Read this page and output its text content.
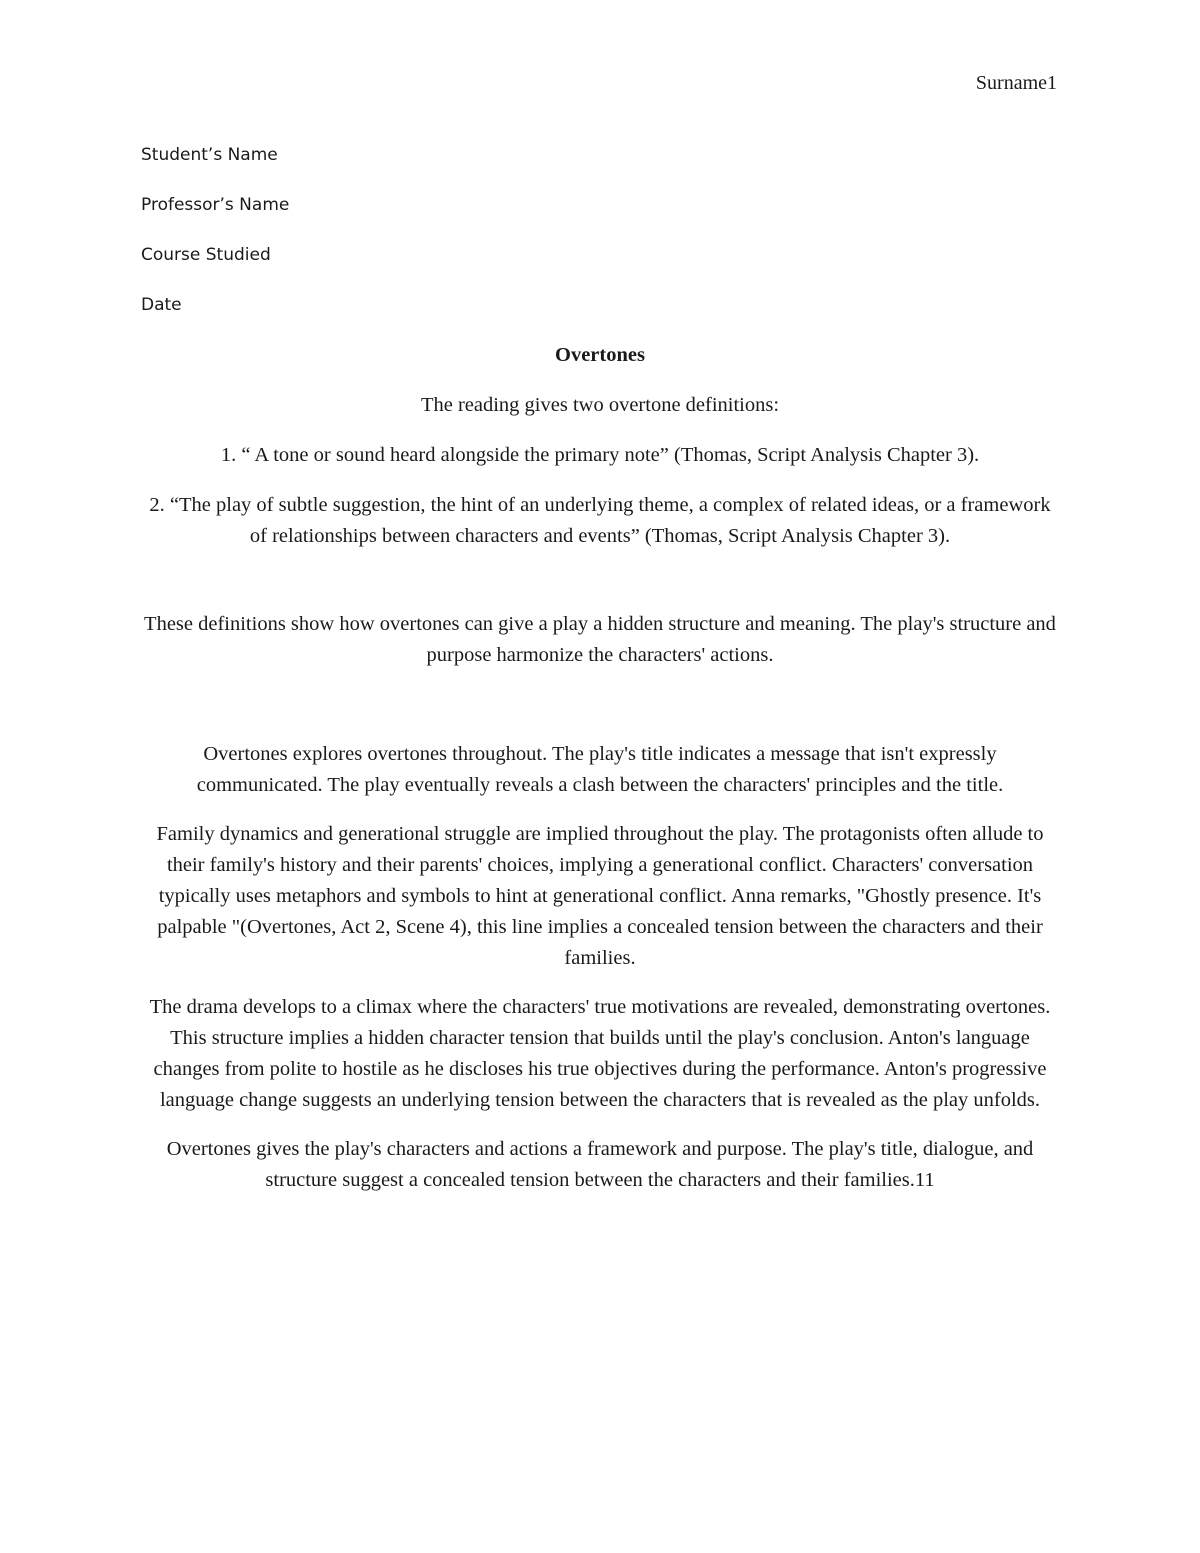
Surname1
Student’s Name
Professor’s Name
Course Studied
Date

Overtones

The reading gives two overtone definitions:

1. “ A tone or sound heard alongside the primary note” (Thomas, Script Analysis Chapter 3).

2. “The play of subtle suggestion, the hint of an underlying theme, a complex of related ideas, or a framework of relationships between characters and events” (Thomas, Script Analysis Chapter 3).

These definitions show how overtones can give a play a hidden structure and meaning. The play's structure and purpose harmonize the characters' actions.

Overtones explores overtones throughout. The play's title indicates a message that isn't expressly communicated. The play eventually reveals a clash between the characters' principles and the title.

Family dynamics and generational struggle are implied throughout the play. The protagonists often allude to their family's history and their parents' choices, implying a generational conflict. Characters' conversation typically uses metaphors and symbols to hint at generational conflict. Anna remarks, "Ghostly presence. It's palpable "(Overtones, Act 2, Scene 4), this line implies a concealed tension between the characters and their families.

The drama develops to a climax where the characters' true motivations are revealed, demonstrating overtones. This structure implies a hidden character tension that builds until the play's conclusion. Anton's language changes from polite to hostile as he discloses his true objectives during the performance. Anton's progressive language change suggests an underlying tension between the characters that is revealed as the play unfolds.

Overtones gives the play's characters and actions a framework and purpose. The play's title, dialogue, and structure suggest a concealed tension between the characters and their families.11
